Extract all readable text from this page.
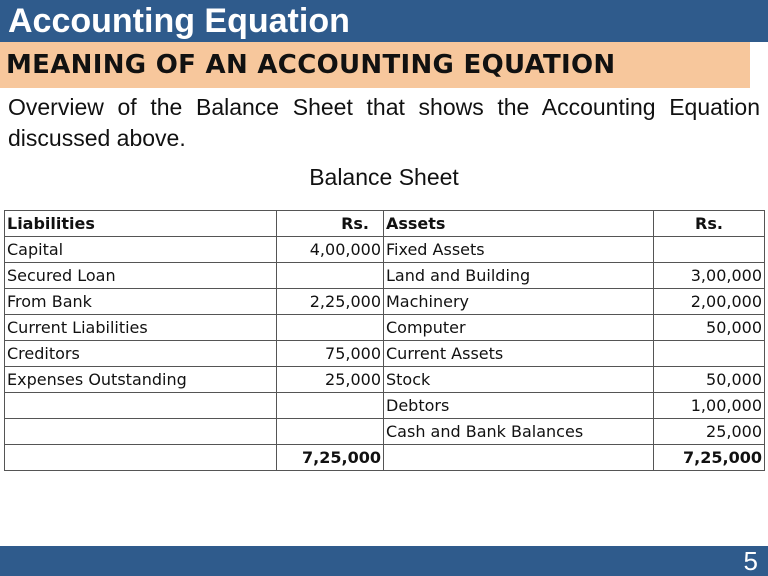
Accounting Equation
MEANING OF AN ACCOUNTING EQUATION
Overview of the Balance Sheet that shows the Accounting Equation discussed above.
Balance Sheet
Liabilities	Rs.	Assets	Rs.
Capital	4,00,000	Fixed Assets	
Secured Loan		Land and Building	3,00,000
From Bank	2,25,000	Machinery	2,00,000
Current Liabilities		Computer	50,000
Creditors	75,000	Current Assets	
Expenses Outstanding	25,000	Stock	50,000
		Debtors	1,00,000
		Cash and Bank Balances	25,000
	7,25,000		7,25,000
5
